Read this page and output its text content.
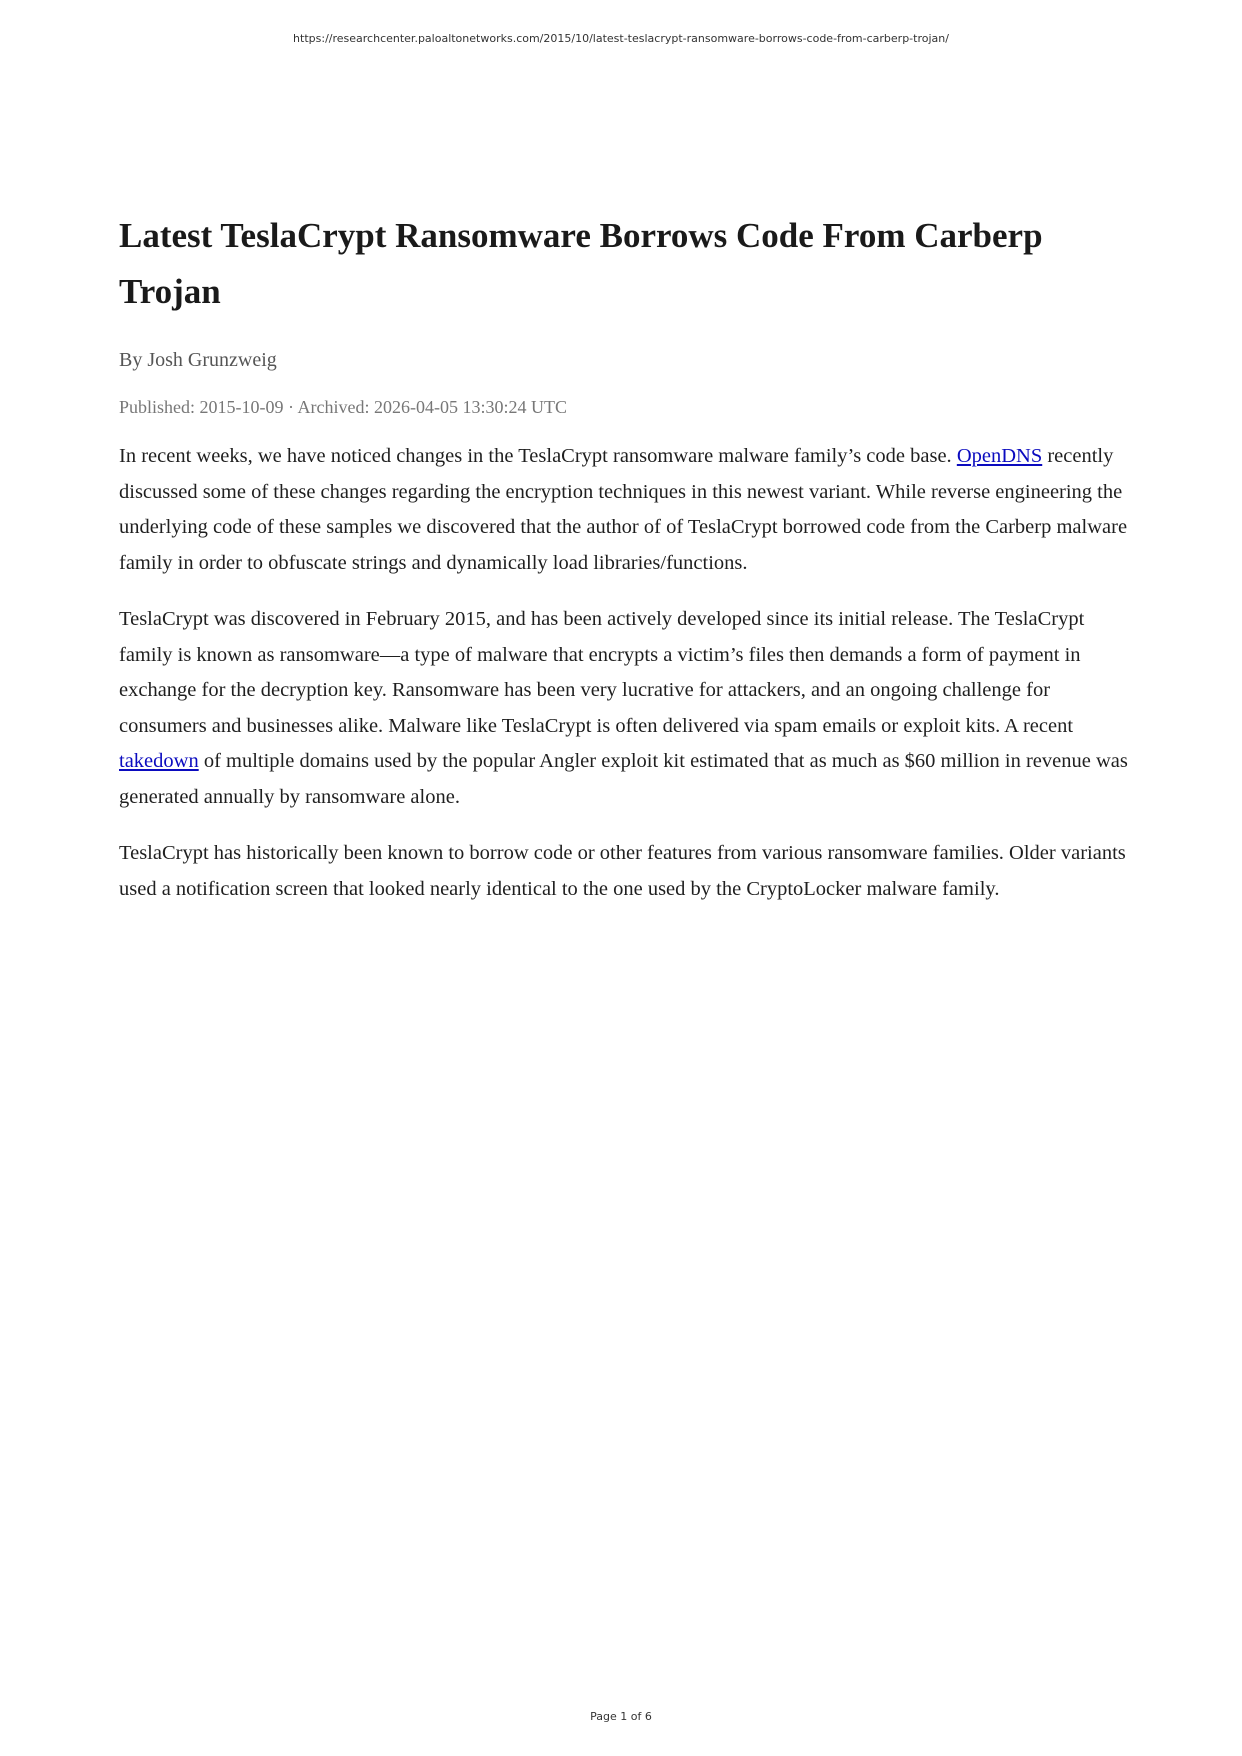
https://researchcenter.paloaltonetworks.com/2015/10/latest-teslacrypt-ransomware-borrows-code-from-carberp-trojan/
Latest TeslaCrypt Ransomware Borrows Code From Carberp Trojan
By Josh Grunzweig
Published: 2015-10-09 · Archived: 2026-04-05 13:30:24 UTC

In recent weeks, we have noticed changes in the TeslaCrypt ransomware malware family’s code base. OpenDNS recently discussed some of these changes regarding the encryption techniques in this newest variant. While reverse engineering the underlying code of these samples we discovered that the author of of TeslaCrypt borrowed code from the Carberp malware family in order to obfuscate strings and dynamically load libraries/functions.

TeslaCrypt was discovered in February 2015, and has been actively developed since its initial release. The TeslaCrypt family is known as ransomware—a type of malware that encrypts a victim’s files then demands a form of payment in exchange for the decryption key. Ransomware has been very lucrative for attackers, and an ongoing challenge for consumers and businesses alike. Malware like TeslaCrypt is often delivered via spam emails or exploit kits. A recent takedown of multiple domains used by the popular Angler exploit kit estimated that as much as $60 million in revenue was generated annually by ransomware alone.

TeslaCrypt has historically been known to borrow code or other features from various ransomware families. Older variants used a notification screen that looked nearly identical to the one used by the CryptoLocker malware family.

Page 1 of 6
